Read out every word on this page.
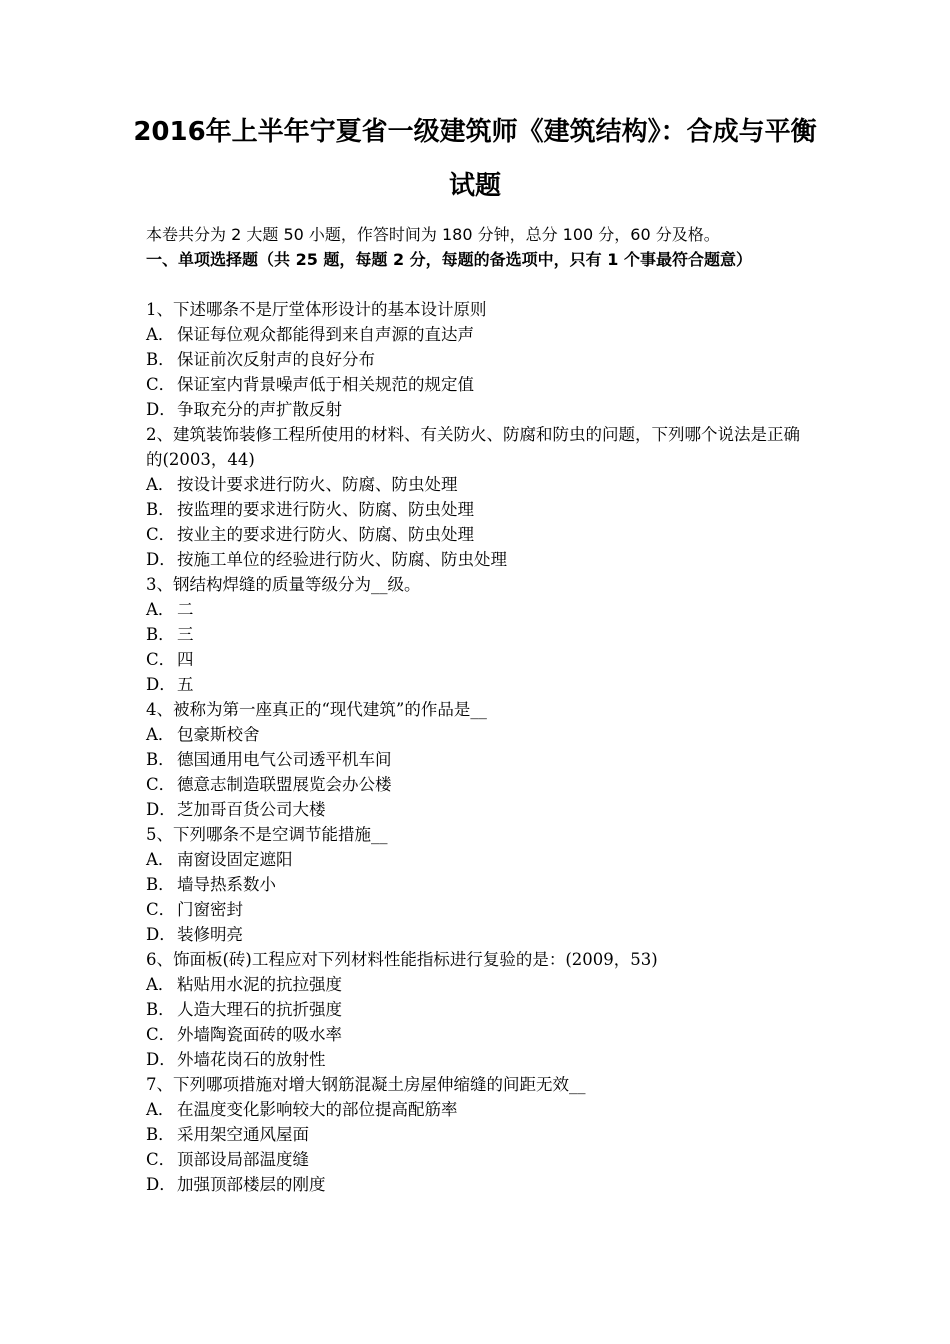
2016年上半年宁夏省一级建筑师《建筑结构》：合成与平衡
试题
本卷共分为 2 大题 50 小题，作答时间为 180 分钟，总分 100 分，60 分及格。
一、单项选择题（共 25 题，每题 2 分，每题的备选项中，只有 1 个事最符合题意）
1、下述哪条不是厅堂体形设计的基本设计原则
A． 保证每位观众都能得到来自声源的直达声
B． 保证前次反射声的良好分布
C． 保证室内背景噪声低于相关规范的规定值
D．争取充分的声扩散反射
2、建筑装饰装修工程所使用的材料、有关防火、防腐和防虫的问题，下列哪个说法是正确的(2003，44)
A． 按设计要求进行防火、防腐、防虫处理
B． 按监理的要求进行防火、防腐、防虫处理
C． 按业主的要求进行防火、防腐、防虫处理
D．按施工单位的经验进行防火、防腐、防虫处理
3、钢结构焊缝的质量等级分为__级。
A． 二
B． 三
C． 四
D．五
4、被称为第一座真正的“现代建筑”的作品是__
A． 包豪斯校舍
B． 德国通用电气公司透平机车间
C． 德意志制造联盟展览会办公楼
D．芝加哥百货公司大楼
5、下列哪条不是空调节能措施__
A． 南窗设固定遮阳
B． 墙导热系数小
C． 门窗密封
D．装修明亮
6、饰面板(砖)工程应对下列材料性能指标进行复验的是：(2009，53)
A． 粘贴用水泥的抗拉强度
B． 人造大理石的抗折强度
C． 外墙陶瓷面砖的吸水率
D．外墙花岗石的放射性
7、下列哪项措施对增大钢筋混凝土房屋伸缩缝的间距无效__
A． 在温度变化影响较大的部位提高配筋率
B． 采用架空通风屋面
C． 顶部设局部温度缝
D．加强顶部楼层的刚度
